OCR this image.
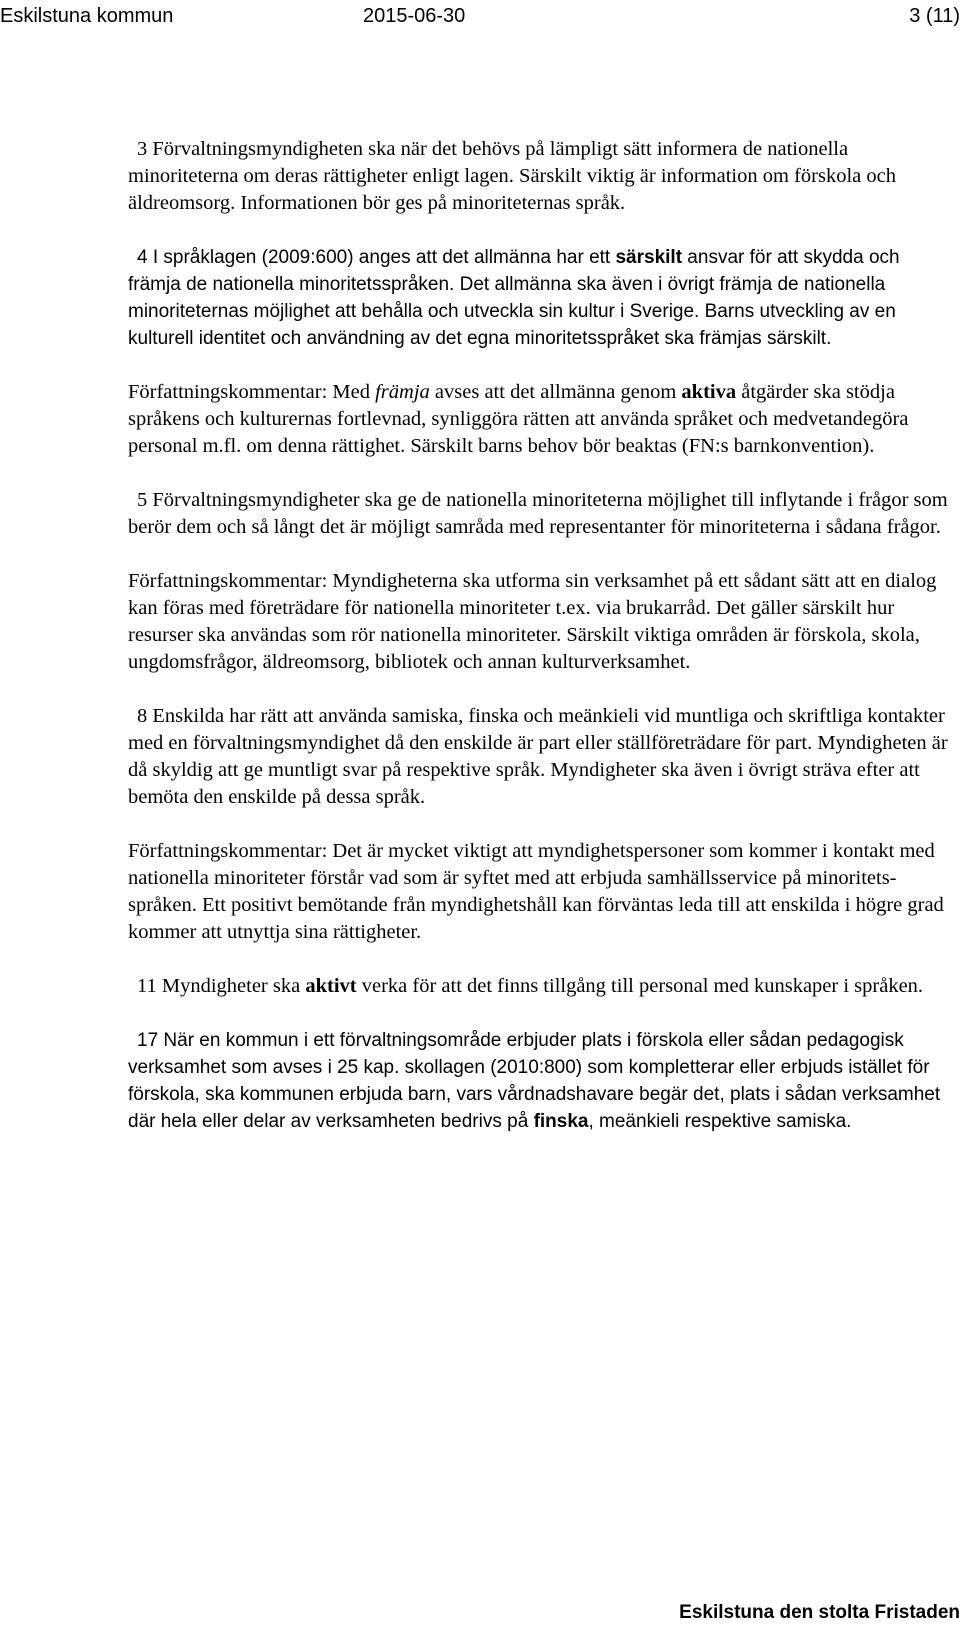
Eskilstuna kommun	2015-06-30	3 (11)

3 Förvaltningsmyndigheten ska när det behövs på lämpligt sätt informera de nationella minoriteterna om deras rättigheter enligt lagen. Särskilt viktig är information om förskola och äldreomsorg. Informationen bör ges på minoriteternas språk.

4 I språklagen (2009:600) anges att det allmänna har ett särskilt ansvar för att skydda och främja de nationella minoritetsspråken. Det allmänna ska även i övrigt främja de nationella minoriteternas möjlighet att behålla och utveckla sin kultur i Sverige. Barns utveckling av en kulturell identitet och användning av det egna minoritetsspråket ska främjas särskilt.

Författningskommentar: Med främja avses att det allmänna genom aktiva åtgärder ska stödja språkens och kulturernas fortlevnad, synliggöra rätten att använda språket och medvetandegöra personal m.fl. om denna rättighet. Särskilt barns behov bör beaktas (FN:s barnkonvention).

5 Förvaltningsmyndigheter ska ge de nationella minoriteterna möjlighet till inflytande i frågor som berör dem och så långt det är möjligt samråda med representanter för minoriteterna i sådana frågor.

Författningskommentar: Myndigheterna ska utforma sin verksamhet på ett sådant sätt att en dialog kan föras med företrädare för nationella minoriteter t.ex. via brukarråd. Det gäller särskilt hur resurser ska användas som rör nationella minoriteter. Särskilt viktiga områden är förskola, skola, ungdomsfrågor, äldreomsorg, bibliotek och annan kulturverksamhet.

8 Enskilda har rätt att använda samiska, finska och meänkieli vid muntliga och skriftliga kontakter med en förvaltningsmyndighet då den enskilde är part eller ställföreträdare för part. Myndigheten är då skyldig att ge muntligt svar på respektive språk. Myndigheter ska även i övrigt sträva efter att bemöta den enskilde på dessa språk.

Författningskommentar: Det är mycket viktigt att myndighetspersoner som kommer i kontakt med nationella minoriteter förstår vad som är syftet med att erbjuda samhällsservice på minoritets-språken. Ett positivt bemötande från myndighetshåll kan förväntas leda till att enskilda i högre grad kommer att utnyttja sina rättigheter.

11 Myndigheter ska aktivt verka för att det finns tillgång till personal med kunskaper i språken.

17 När en kommun i ett förvaltningsområde erbjuder plats i förskola eller sådan pedagogisk verksamhet som avses i 25 kap. skollagen (2010:800) som kompletterar eller erbjuds istället för förskola, ska kommunen erbjuda barn, vars vårdnadshavare begär det, plats i sådan verksamhet där hela eller delar av verksamheten bedrivs på finska, meänkieli respektive samiska.

Eskilstuna den stolta Fristaden
